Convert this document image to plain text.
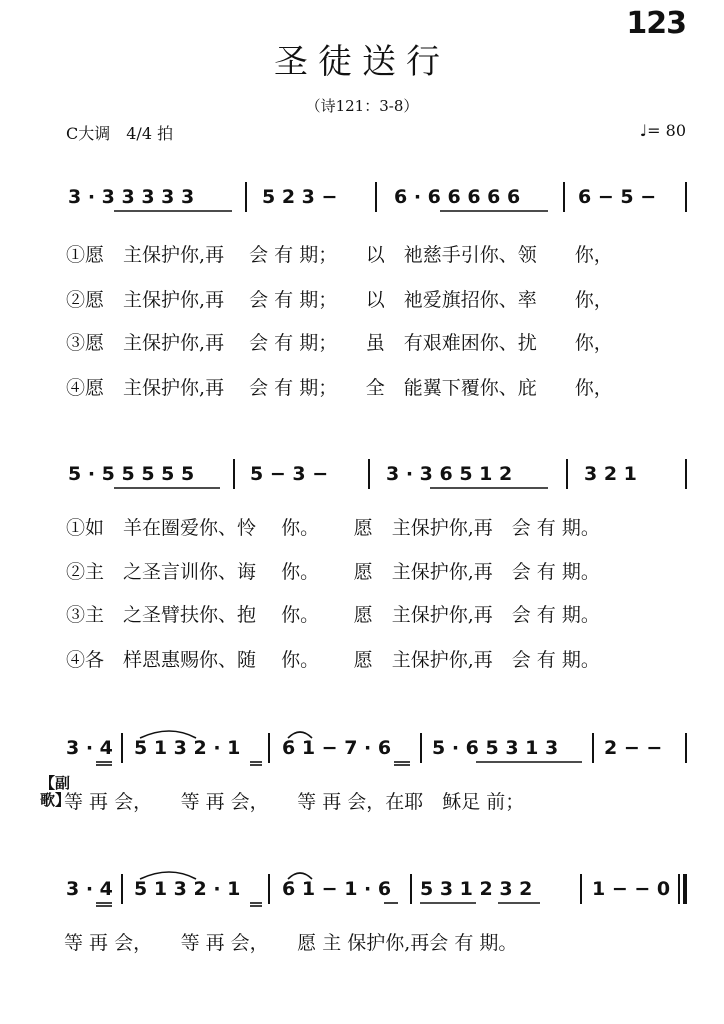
123
圣徒送行
（诗121：3-8）
C大调　4/4 拍	♩= 80
3 · 3 3 3 3 3	5 2 3 −	6 · 6 6 6 6 6	6 − 5 −
①愿　 主保护你,再　 会 有 期；　　 以　 祂慈手引你、领　　 你，
②愿　 主保护你,再　 会 有 期；　　 以　 祂爱旗招你、率　　 你，
③愿　 主保护你,再　 会 有 期；　　 虽　 有艰难困你、扰　　 你，
④愿　 主保护你,再　 会 有 期；　　 全　 能翼下覆你、庇　　 你，
5 · 5 5 5 5 5	5 − 3 −	3 · 3 6 5 1 2	3 2 1
①如　 羊在圈爱你、怜　 你。　　 愿　 主保护你,再　 会 有 期。
②主　 之圣言训你、诲　 你。　　 愿　 主保护你,再　 会 有 期。
③主　 之圣臂扶你、抱　 你。　　 愿　 主保护你,再　 会 有 期。
④各　 样恩惠赐你、随　 你。　　 愿　 主保护你,再　 会 有 期。
【副歌】
3 · 4 5 1 3 2 · 1 6 1 − 7 · 6 5 · 6 5 3 1 3 2 − −
等 再 会，　　等 再 会，　　等 再 会，在耶　稣足 前；
3 · 4 5 1 3 2 · 1 6 1 − 1 · 6 5 3 1 2 3 2	1 − − 0
等 再 会，　　等 再 会，　　愿 主 保护你,再会 有 期。
